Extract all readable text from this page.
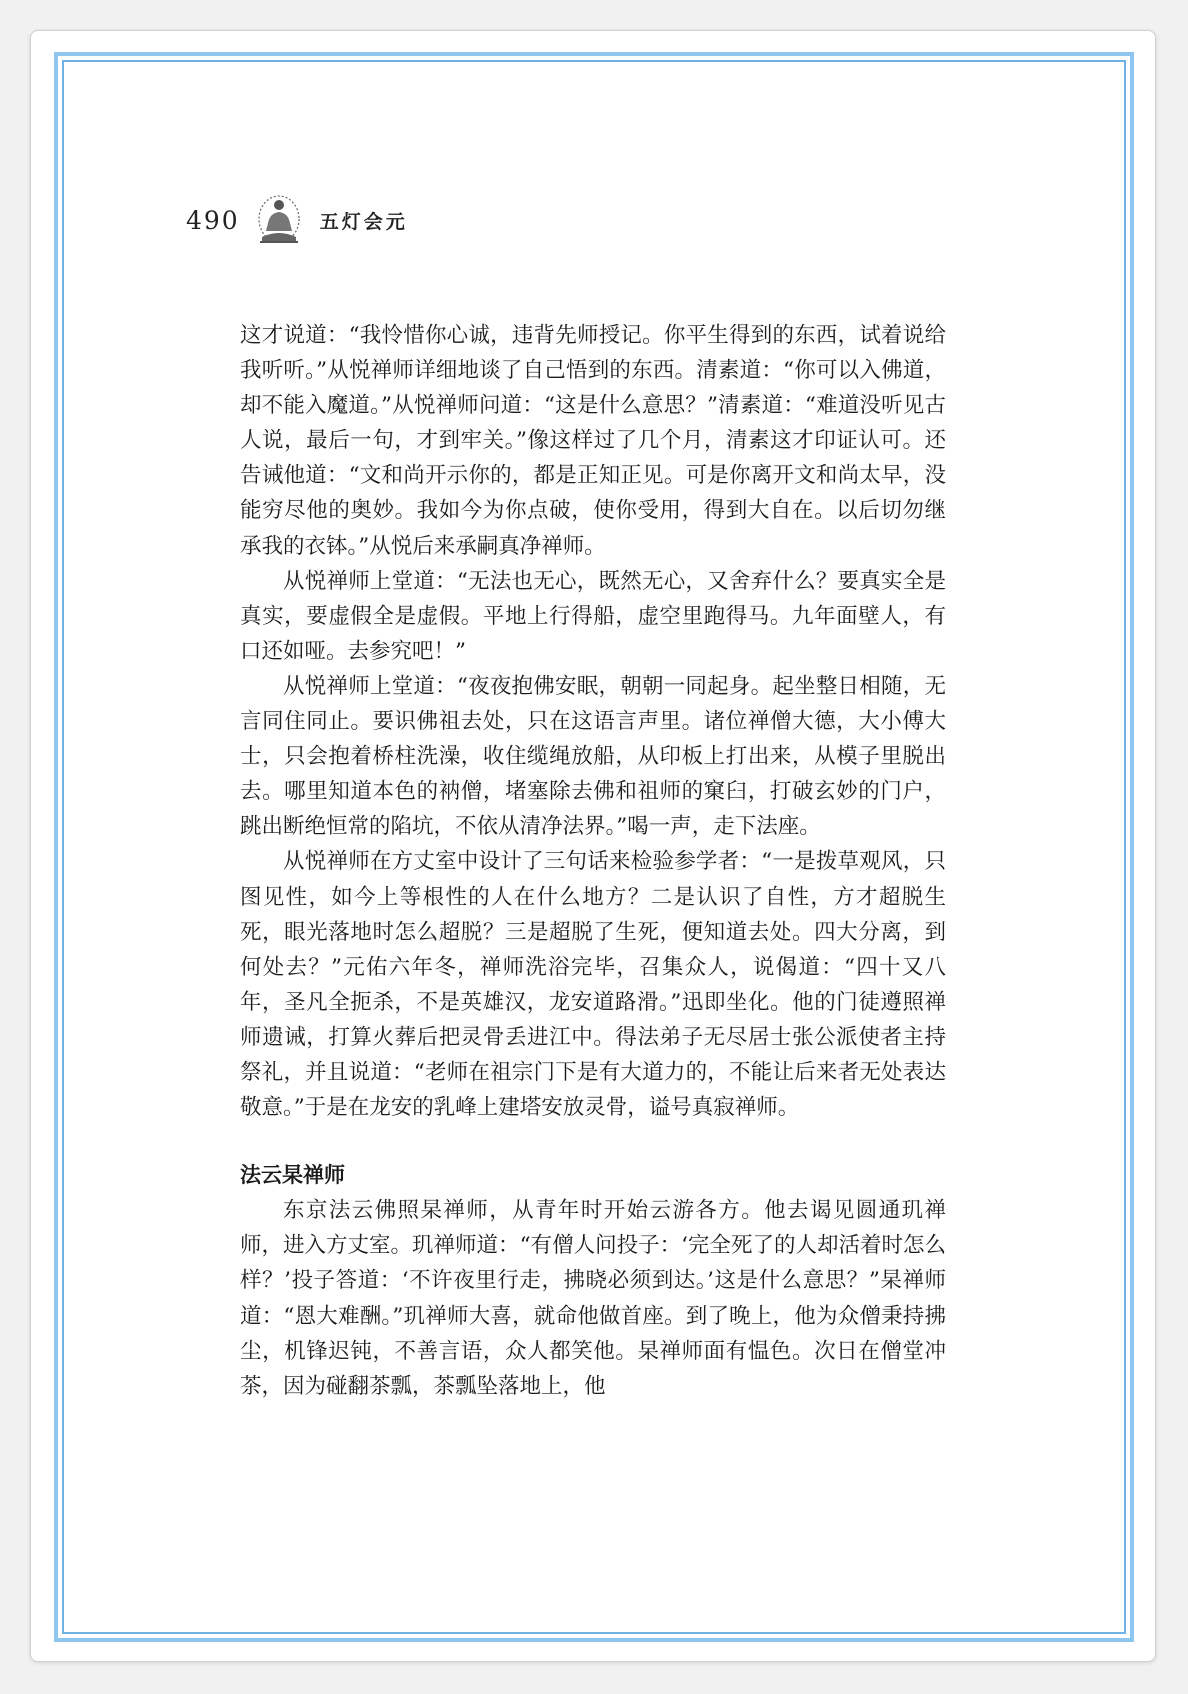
490	五灯会元

这才说道：“我怜惜你心诚，违背先师授记。你平生得到的东西，试着说给我听听。”从悦禅师详细地谈了自己悟到的东西。清素道：“你可以入佛道，却不能入魔道。”从悦禅师问道：“这是什么意思？”清素道：“难道没听见古人说，最后一句，才到牢关。”像这样过了几个月，清素这才印证认可。还告诫他道：“文和尚开示你的，都是正知正见。可是你离开文和尚太早，没能穷尽他的奥妙。我如今为你点破，使你受用，得到大自在。以后切勿继承我的衣钵。”从悦后来承嗣真净禅师。

从悦禅师上堂道：“无法也无心，既然无心，又舍弃什么？要真实全是真实，要虚假全是虚假。平地上行得船，虚空里跑得马。九年面壁人，有口还如哑。去参究吧！”

从悦禅师上堂道：“夜夜抱佛安眠，朝朝一同起身。起坐整日相随，无言同住同止。要识佛祖去处，只在这语言声里。诸位禅僧大德，大小傅大士，只会抱着桥柱洗澡，收住缆绳放船，从印板上打出来，从模子里脱出去。哪里知道本色的衲僧，堵塞除去佛和祖师的窠臼，打破玄妙的门户，跳出断绝恒常的陷坑，不依从清净法界。”喝一声，走下法座。

从悦禅师在方丈室中设计了三句话来检验参学者：“一是拨草观风，只图见性，如今上等根性的人在什么地方？二是认识了自性，方才超脱生死，眼光落地时怎么超脱？三是超脱了生死，便知道去处。四大分离，到何处去？”元佑六年冬，禅师洗浴完毕，召集众人，说偈道：“四十又八年，圣凡全扼杀，不是英雄汉，龙安道路滑。”迅即坐化。他的门徒遵照禅师遗诫，打算火葬后把灵骨丢进江中。得法弟子无尽居士张公派使者主持祭礼，并且说道：“老师在祖宗门下是有大道力的，不能让后来者无处表达敬意。”于是在龙安的乳峰上建塔安放灵骨，谥号真寂禅师。

法云杲禅师

东京法云佛照杲禅师，从青年时开始云游各方。他去谒见圆通玑禅师，进入方丈室。玑禅师道：“有僧人问投子：‘完全死了的人却活着时怎么样？’投子答道：‘不许夜里行走，拂晓必须到达。’这是什么意思？”杲禅师道：“恩大难酬。”玑禅师大喜，就命他做首座。到了晚上，他为众僧秉持拂尘，机锋迟钝，不善言语，众人都笑他。杲禅师面有愠色。次日在僧堂冲茶，因为碰翻茶瓢，茶瓢坠落地上，他
